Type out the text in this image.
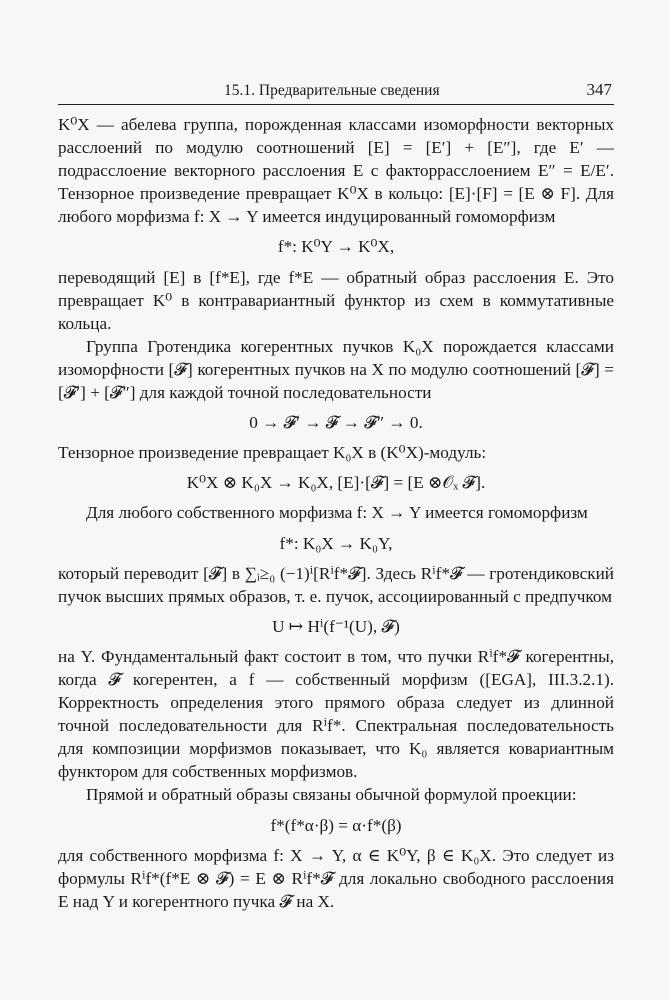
15.1. Предварительные сведения	347

K⁰X — абелева группа, порожденная классами изоморфности векторных расслоений по модулю соотношений [E] = [E′] + [E″], где E′ — подрасслоение векторного расслоения E с факторрасслоением E″ = E/E′. Тензорное произведение превращает K⁰X в кольцо: [E]·[F] = [E ⊗ F]. Для любого морфизма f: X → Y имеется индуцированный гомоморфизм

f*: K⁰Y → K⁰X,

переводящий [E] в [f*E], где f*E — обратный образ расслоения E. Это превращает K⁰ в контравариантный функтор из схем в коммутативные кольца.

Группа Гротендика когерентных пучков K₀X порождается классами изоморфности [𝓕] когерентных пучков на X по модулю соотношений [𝓕] = [𝓕′] + [𝓕″] для каждой точной последовательности

0 → 𝓕′ → 𝓕 → 𝓕″ → 0.

Тензорное произведение превращает K₀X в (K⁰X)-модуль:

K⁰X ⊗ K₀X → K₀X, [E]·[𝓕] = [E ⊗𝒪ₓ 𝓕].

Для любого собственного морфизма f: X → Y имеется гомоморфизм

f*: K₀X → K₀Y,

который переводит [𝓕] в ∑ᵢ≥₀ (−1)ⁱ[Rⁱf*𝓕]. Здесь Rⁱf*𝓕 — гротендиковский пучок высших прямых образов, т. е. пучок, ассоциированный с предпучком

U ↦ Hⁱ(f⁻¹(U), 𝓕)

на Y. Фундаментальный факт состоит в том, что пучки Rⁱf*𝓕 когерентны, когда 𝓕 когерентен, а f — собственный морфизм ([EGA], III.3.2.1). Корректность определения этого прямого образа следует из длинной точной последовательности для Rⁱf*. Спектральная последовательность для композиции морфизмов показывает, что K₀ является ковариантным функтором для собственных морфизмов.

Прямой и обратный образы связаны обычной формулой проекции:

f*(f*α·β) = α·f*(β)

для собственного морфизма f: X → Y, α ∈ K⁰Y, β ∈ K₀X. Это следует из формулы Rⁱf*(f*E ⊗ 𝓕) = E ⊗ Rⁱf*𝓕 для локально свободного расслоения E над Y и когерентного пучка 𝓕 на X.
